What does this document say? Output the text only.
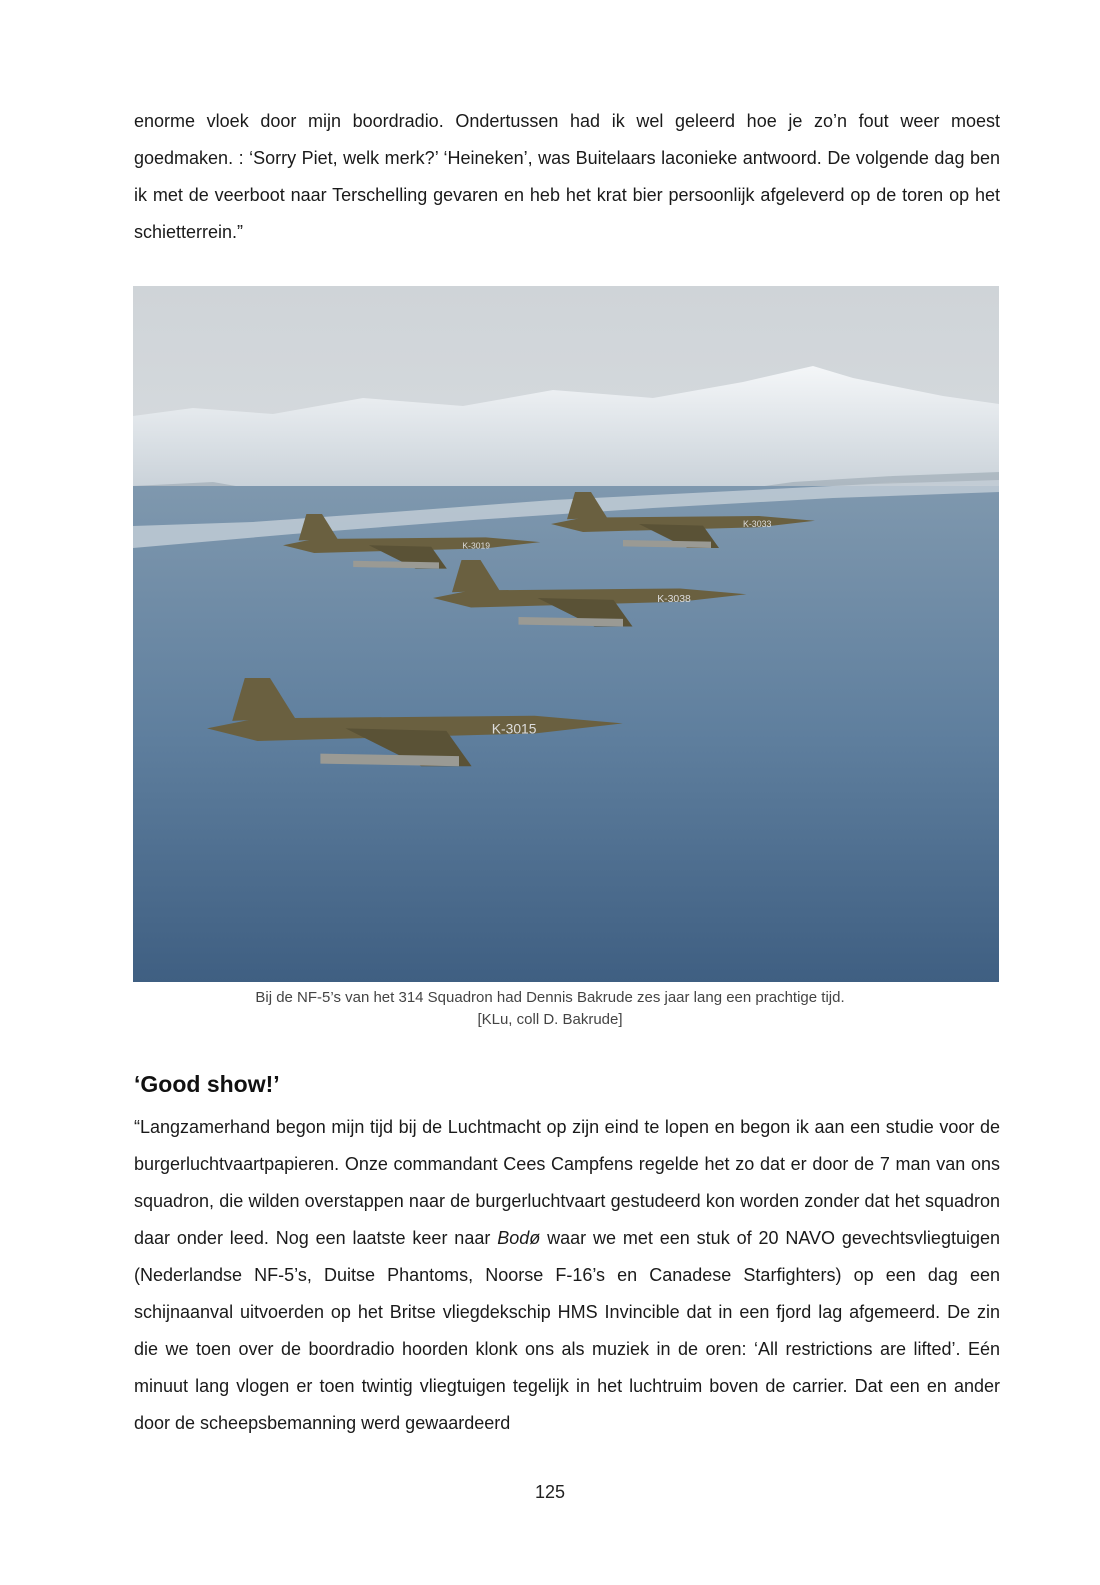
enorme vloek door mijn boordradio. Ondertussen had ik wel geleerd hoe je zo’n fout weer moest goedmaken. : ‘Sorry Piet, welk merk?’ ‘Heineken’, was Buitelaars laconieke antwoord. De volgende dag ben ik met de veerboot naar Terschelling gevaren en heb het krat bier persoonlijk afgeleverd op de toren op het schietterrein.”

K-3019
K-3033
K-3038
K-3015

Bij de NF-5’s van het 314 Squadron had Dennis Bakrude zes jaar lang een prachtige tijd. [KLu, coll D. Bakrude]

‘Good show!’

“Langzamerhand begon mijn tijd bij de Luchtmacht op zijn eind te lopen en begon ik aan een studie voor de burgerluchtvaartpapieren. Onze commandant Cees Campfens regelde het zo dat er door de 7 man van ons squadron, die wilden overstappen naar de burgerluchtvaart gestudeerd kon worden zonder dat het squadron daar onder leed. Nog een laatste keer naar Bodø waar we met een stuk of 20 NAVO gevechtsvliegtuigen (Nederlandse NF-5’s, Duitse Phantoms, Noorse F-16’s en Canadese Starfighters) op een dag een schijnaanval uitvoerden op het Britse vliegdekschip HMS Invincible dat in een fjord lag afgemeerd. De zin die we toen over de boordradio hoorden klonk ons als muziek in de oren: ‘All restrictions are lifted’. Eén minuut lang vlogen er toen twintig vliegtuigen tegelijk in het luchtruim boven de carrier. Dat een en ander door de scheepsbemanning werd gewaardeerd

125
